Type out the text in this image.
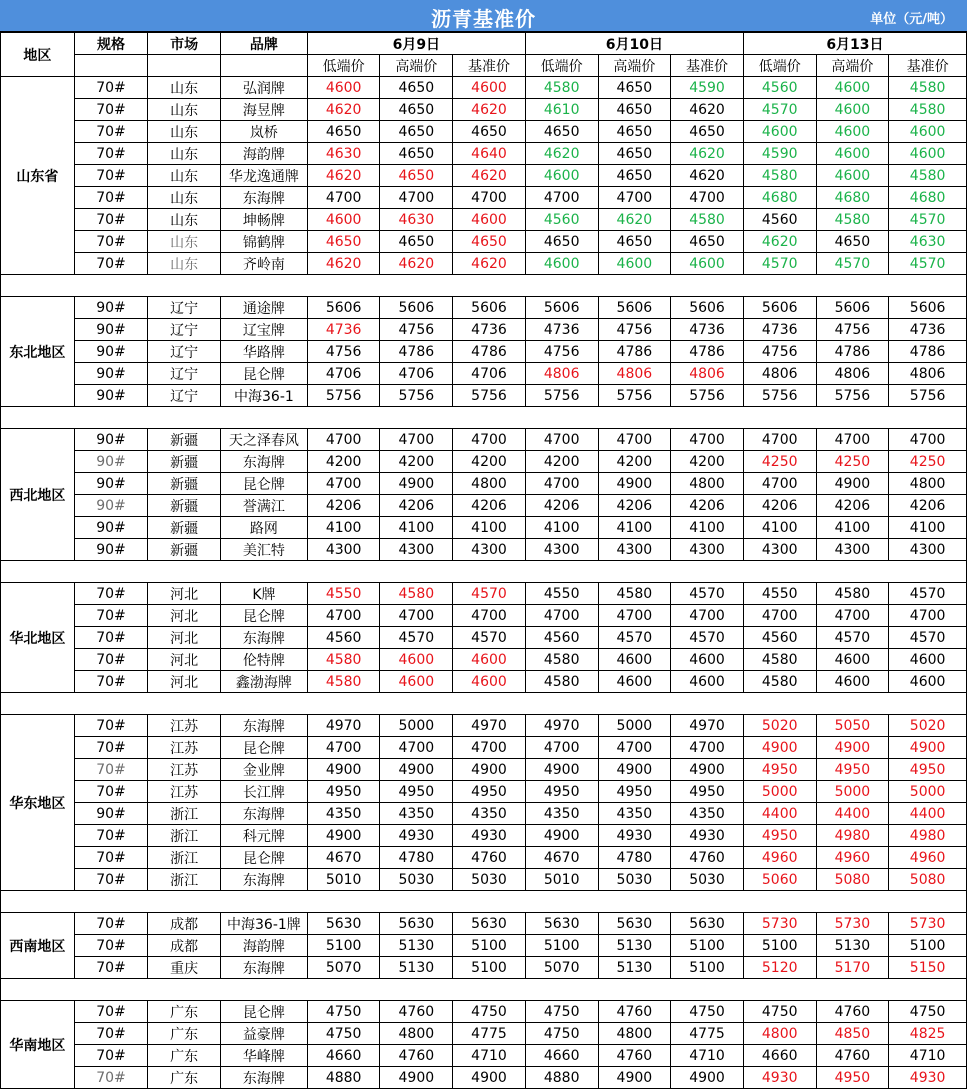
沥青基准价	单位（元/吨）
地区	规格	市场	品牌	6月9日			6月10日			6月13日		
				低端价	高端价	基准价	低端价	高端价	基准价	低端价	高端价	基准价
山东省	70#	山东	弘润牌	4600	4650	4600	4580	4650	4590	4560	4600	4580
	70#	山东	海昱牌	4620	4650	4620	4610	4650	4620	4570	4600	4580
	70#	山东	岚桥	4650	4650	4650	4650	4650	4650	4600	4600	4600
	70#	山东	海韵牌	4630	4650	4640	4620	4650	4620	4590	4600	4600
	70#	山东	华龙逸通牌	4620	4650	4620	4600	4650	4620	4580	4600	4580
	70#	山东	东海牌	4700	4700	4700	4700	4700	4700	4680	4680	4680
	70#	山东	坤畅牌	4600	4630	4600	4560	4620	4580	4560	4580	4570
	70#	山东	锦鹤牌	4650	4650	4650	4650	4650	4650	4620	4650	4630
	70#	山东	齐岭南	4620	4620	4620	4600	4600	4600	4570	4570	4570

东北地区	90#	辽宁	通途牌	5606	5606	5606	5606	5606	5606	5606	5606	5606
	90#	辽宁	辽宝牌	4736	4756	4736	4736	4756	4736	4736	4756	4736
	90#	辽宁	华路牌	4756	4786	4786	4756	4786	4786	4756	4786	4786
	90#	辽宁	昆仑牌	4706	4706	4706	4806	4806	4806	4806	4806	4806
	90#	辽宁	中海36-1	5756	5756	5756	5756	5756	5756	5756	5756	5756

西北地区	90#	新疆	天之泽春风	4700	4700	4700	4700	4700	4700	4700	4700	4700
	90#	新疆	东海牌	4200	4200	4200	4200	4200	4200	4250	4250	4250
	90#	新疆	昆仑牌	4700	4900	4800	4700	4900	4800	4700	4900	4800
	90#	新疆	誉满江	4206	4206	4206	4206	4206	4206	4206	4206	4206
	90#	新疆	路网	4100	4100	4100	4100	4100	4100	4100	4100	4100
	90#	新疆	美汇特	4300	4300	4300	4300	4300	4300	4300	4300	4300

华北地区	70#	河北	K牌	4550	4580	4570	4550	4580	4570	4550	4580	4570
	70#	河北	昆仑牌	4700	4700	4700	4700	4700	4700	4700	4700	4700
	70#	河北	东海牌	4560	4570	4570	4560	4570	4570	4560	4570	4570
	70#	河北	伦特牌	4580	4600	4600	4580	4600	4600	4580	4600	4600
	70#	河北	鑫渤海牌	4580	4600	4600	4580	4600	4600	4580	4600	4600

华东地区	70#	江苏	东海牌	4970	5000	4970	4970	5000	4970	5020	5050	5020
	70#	江苏	昆仑牌	4700	4700	4700	4700	4700	4700	4900	4900	4900
	70#	江苏	金业牌	4900	4900	4900	4900	4900	4900	4950	4950	4950
	70#	江苏	长江牌	4950	4950	4950	4950	4950	4950	5000	5000	5000
	90#	浙江	东海牌	4350	4350	4350	4350	4350	4350	4400	4400	4400
	70#	浙江	科元牌	4900	4930	4930	4900	4930	4930	4950	4980	4980
	70#	浙江	昆仑牌	4670	4780	4760	4670	4780	4760	4960	4960	4960
	70#	浙江	东海牌	5010	5030	5030	5010	5030	5030	5060	5080	5080

西南地区	70#	成都	中海36-1牌	5630	5630	5630	5630	5630	5630	5730	5730	5730
	70#	成都	海韵牌	5100	5130	5100	5100	5130	5100	5100	5130	5100
	70#	重庆	东海牌	5070	5130	5100	5070	5130	5100	5120	5170	5150

华南地区	70#	广东	昆仑牌	4750	4760	4750	4750	4760	4750	4750	4760	4750
	70#	广东	益豪牌	4750	4800	4775	4750	4800	4775	4800	4850	4825
	70#	广东	华峰牌	4660	4760	4710	4660	4760	4710	4660	4760	4710
	70#	广东	东海牌	4880	4900	4900	4880	4900	4900	4930	4950	4930
